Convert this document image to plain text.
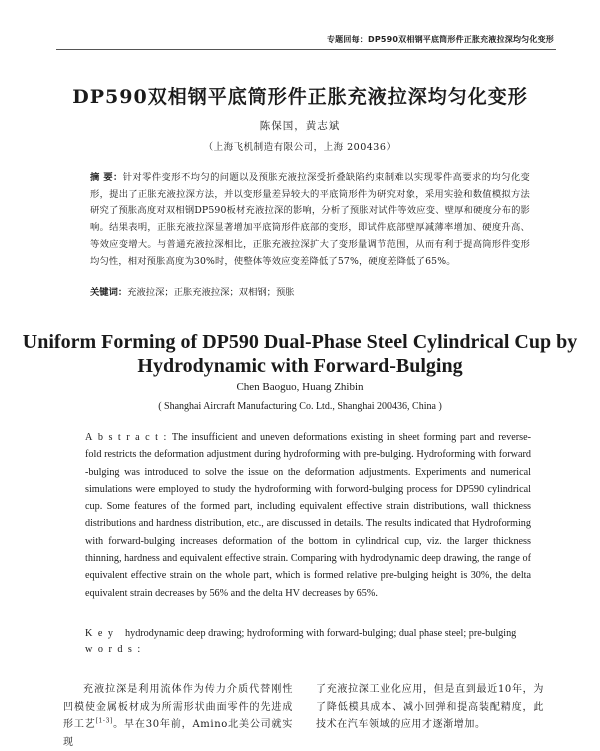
专题回每：DP590双相钢平底筒形件正胀充液拉深均匀化变形
DP590双相钢平底筒形件正胀充液拉深均匀化变形
陈保国，黄志斌
（上海飞机制造有限公司，上海 200436）
摘 要：针对零件变形不均匀的问题以及预胀充液拉深受折叠缺陷约束制难以实现零件高要求的均匀化变形，提出了正胀充液拉深方法，并以变形量差异较大的平底筒形件为研究对象，采用实验和数值模拟方法研究了预胀高度对双相钢DP590板材充液拉深的影响，分析了预胀对试件等效应变、壁厚和硬度分布的影响。结果表明，正胀充液拉深显著增加平底筒形件底部的变形，即试件底部壁厚减薄率增加、硬度升高、等效应变增大。与普通充液拉深相比，正胀充液拉深扩大了变形量调节范围，从而有利于提高筒形件变形均匀性，相对预胀高度为30%时，使整体等效应变差降低了57%，硬度差降低了65%。
关键词：充液拉深；正胀充液拉深；双相钢；预胀
Uniform Forming of DP590 Dual-Phase Steel Cylindrical Cup by
Hydrodynamic with Forward-Bulging
Chen Baoguo, Huang Zhibin
( Shanghai Aircraft Manufacturing Co. Ltd., Shanghai 200436, China )
Abstract:The insufficient and uneven deformations existing in sheet forming part and reverse-fold restricts the deformation adjustment during hydroforming with pre-bulging. Hydroforming with forward -bulging was introduced to solve the issue on the deformation adjustments. Experiments and numerical simulations were employed to study the hydroforming with forword-bulging process for DP590 cylindrical cup. Some features of the formed part, including equivalent effective strain distributions, wall thickness distributions and hardness distribution, etc., are discussed in details. The results indicated that Hydroforming with forward-bulging increases deformation of the bottom in cylindrical cup, viz. the larger thickness thinning, hardness and equivalent effective strain. Comparing with hydrodynamic deep drawing, the range of equivalent effective strain on the whole part, which is formed relative pre-bulging height is 30%, the delta equivalent strain decreases by 56% and the delta HV decreases by 65%.
Key words:
hydrodynamic deep drawing; hydroforming with forward-bulging; dual phase steel; pre-bulging
充液拉深是利用流体作为传力介质代替刚性凹模使金属板材成为所需形状曲面零件的先进成形工艺[1-3]。早在30年前，Amino北美公司就实现
了充液拉深工业化应用，但是直到最近10年，为了降低模具成本、减小回弹和提高装配精度，此技术在汽车领域的应用才逐渐增加。
